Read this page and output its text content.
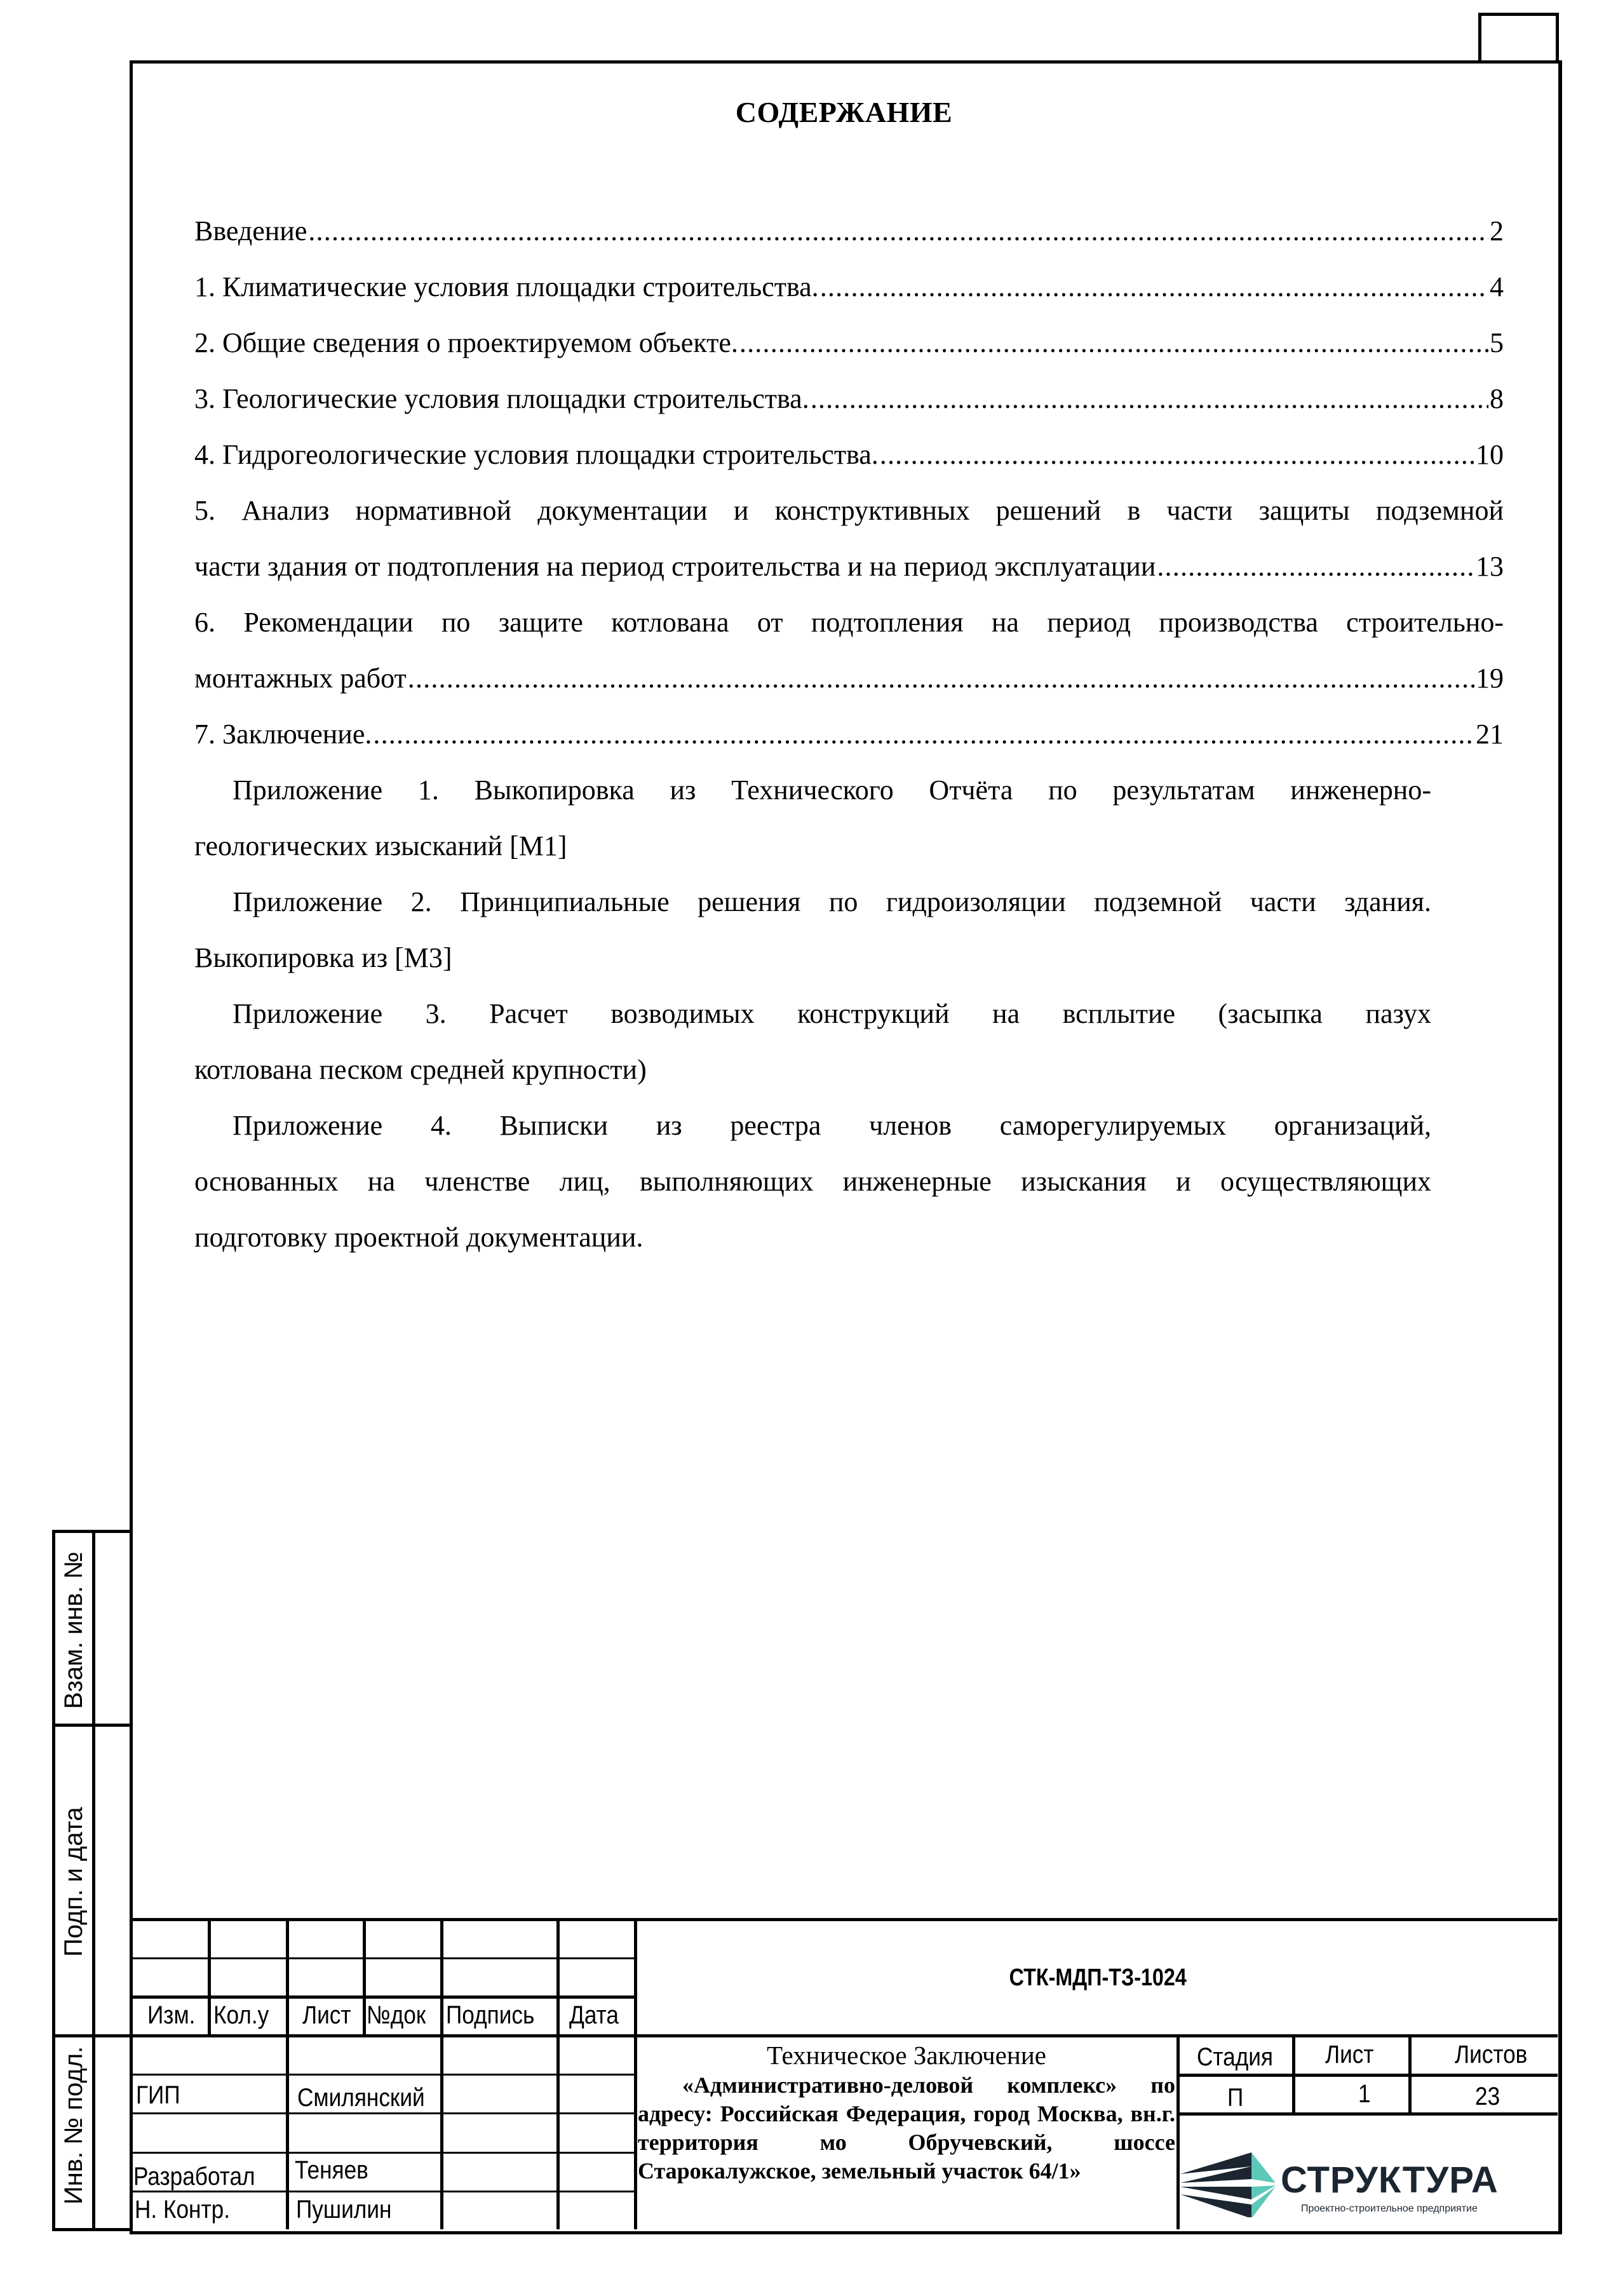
СОДЕРЖАНИЕ
Введение .....	2
1. Климатические условия площадки строительства. .....	4
2. Общие сведения о проектируемом объекте. .....	5
3. Геологические условия площадки строительства. .....	8
4. Гидрогеологические условия площадки строительства. .....	10
5. Анализ нормативной документации и конструктивных решений в части защиты подземной
части здания от подтопления на период строительства и на период эксплуатации .....	13
6. Рекомендации по защите котлована от подтопления на период производства строительно-
монтажных работ .....	19
7. Заключение. .....	21
Приложение 1. Выкопировка из Технического Отчёта по результатам инженерно-
геологических изысканий [M1]
Приложение 2. Принципиальные решения по гидроизоляции подземной части здания.
Выкопировка из [M3]
Приложение 3. Расчет возводимых конструкций на всплытие (засыпка пазух
котлована песком средней крупности)
Приложение 4. Выписки из реестра членов саморегулируемых организаций,
основанных на членстве лиц, выполняющих инженерные изыскания и осуществляющих
подготовку проектной документации.
Взам. инв. №
Подп. и дата
Инв. № подл.
Изм. Кол.у Лист №док Подпись Дата
ГИП	Смилянский
Разработал Теняев
Н. Контр.	Пушилин
СТК-МДП-ТЗ-1024
Техническое Заключение
«Административно-деловой комплекс» по адресу: Российская Федерация, город Москва, вн.г. территория мо Обручевский, шоссе Старокалужское, земельный участок 64/1»
Стадия Лист	Листов
П	1	23
СТРУКТУРА
Проектно-строительное предприятие
